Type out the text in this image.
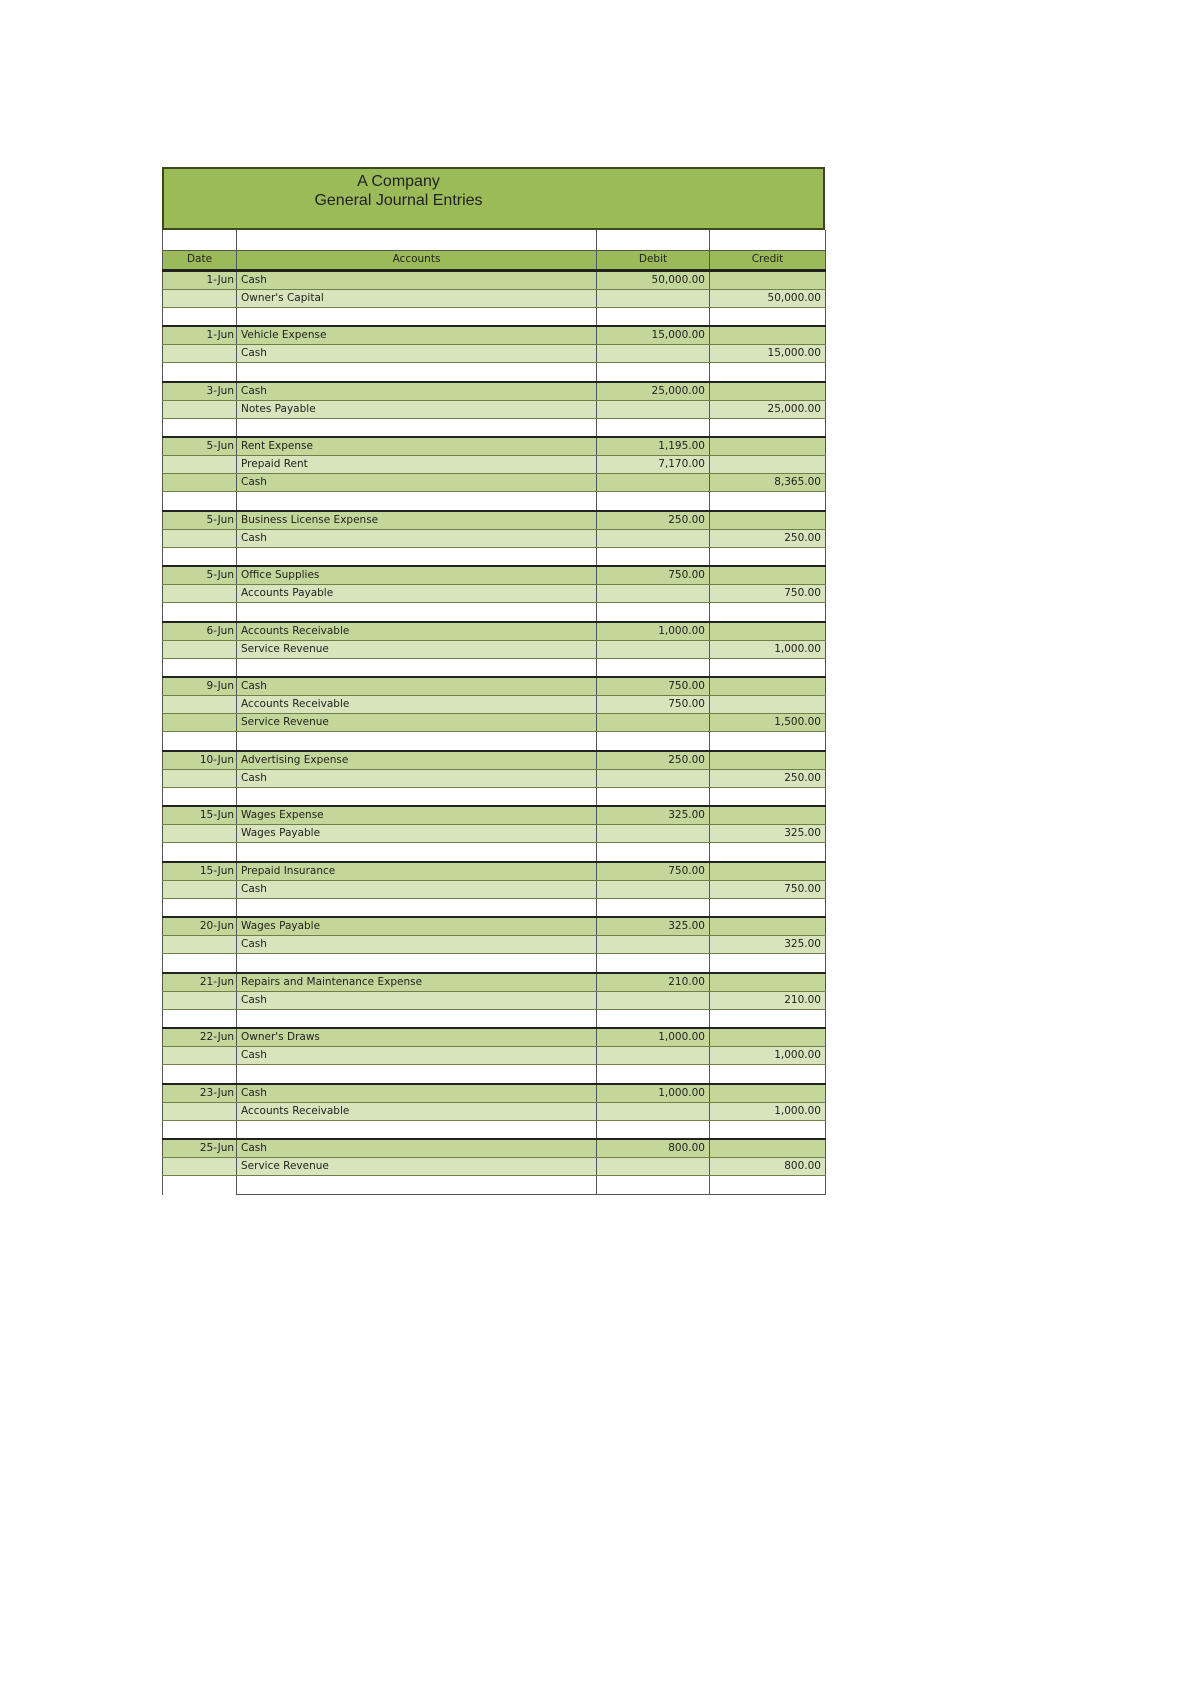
A Company
General Journal Entries

Date	Accounts	Debit	Credit
1-Jun	Cash	50,000.00	
	Owner's Capital		50,000.00

1-Jun	Vehicle Expense	15,000.00	
	Cash		15,000.00

3-Jun	Cash	25,000.00	
	Notes Payable		25,000.00

5-Jun	Rent Expense	1,195.00	
	Prepaid Rent	7,170.00	
	Cash		8,365.00

5-Jun	Business License Expense	250.00	
	Cash		250.00

5-Jun	Office Supplies	750.00	
	Accounts Payable		750.00

6-Jun	Accounts Receivable	1,000.00	
	Service Revenue		1,000.00

9-Jun	Cash	750.00	
	Accounts Receivable	750.00	
	Service Revenue		1,500.00

10-Jun	Advertising Expense	250.00	
	Cash		250.00

15-Jun	Wages Expense	325.00	
	Wages Payable		325.00

15-Jun	Prepaid Insurance	750.00	
	Cash		750.00

20-Jun	Wages Payable	325.00	
	Cash		325.00

21-Jun	Repairs and Maintenance Expense	210.00	
	Cash		210.00

22-Jun	Owner's Draws	1,000.00	
	Cash		1,000.00

23-Jun	Cash	1,000.00	
	Accounts Receivable		1,000.00

25-Jun	Cash	800.00	
	Service Revenue		800.00
